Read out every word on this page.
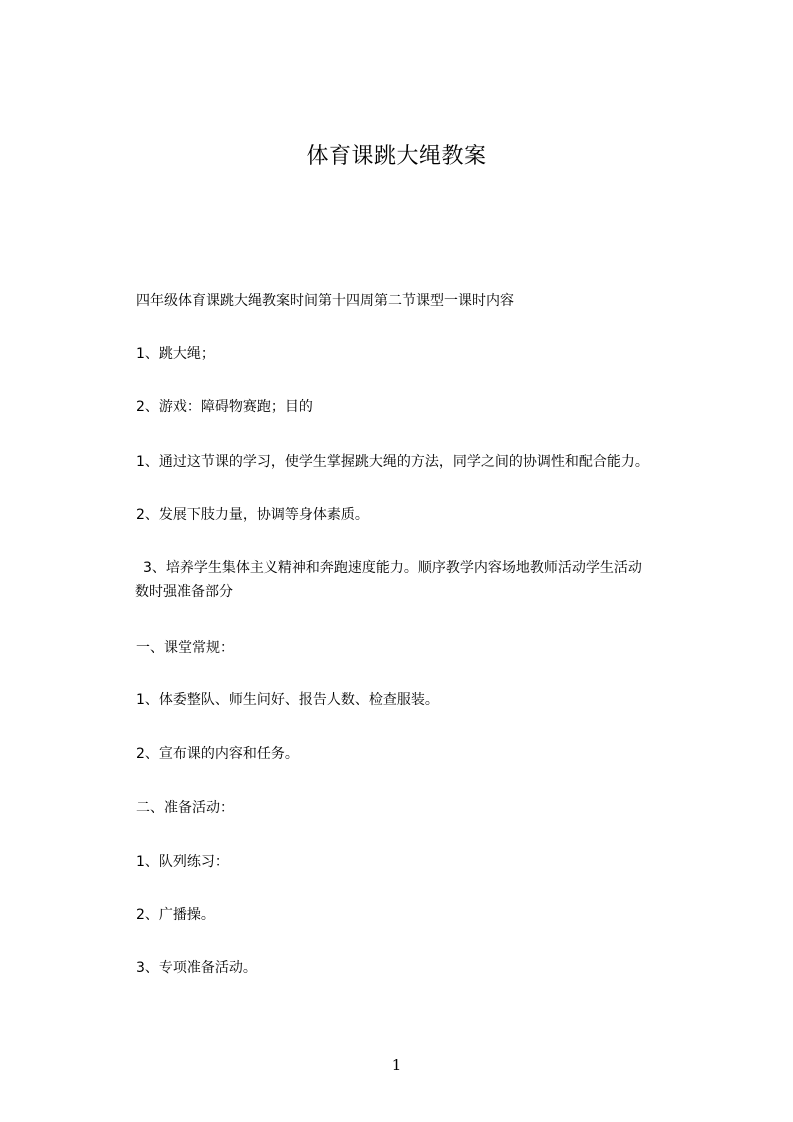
体育课跳大绳教案
四年级体育课跳大绳教案时间第十四周第二节课型一课时内容
1、跳大绳；
2、游戏：障碍物赛跑；目的
1、通过这节课的学习，使学生掌握跳大绳的方法，同学之间的协调性和配合能力。
2、发展下肢力量，协调等身体素质。
3、培养学生集体主义精神和奔跑速度能力。顺序教学内容场地教师活动学生活动
数时强准备部分
一、课堂常规：
1、体委整队、师生问好、报告人数、检查服装。
2、宣布课的内容和任务。
二、准备活动：
1、队列练习：
2、广播操。
3、专项准备活动。
1
